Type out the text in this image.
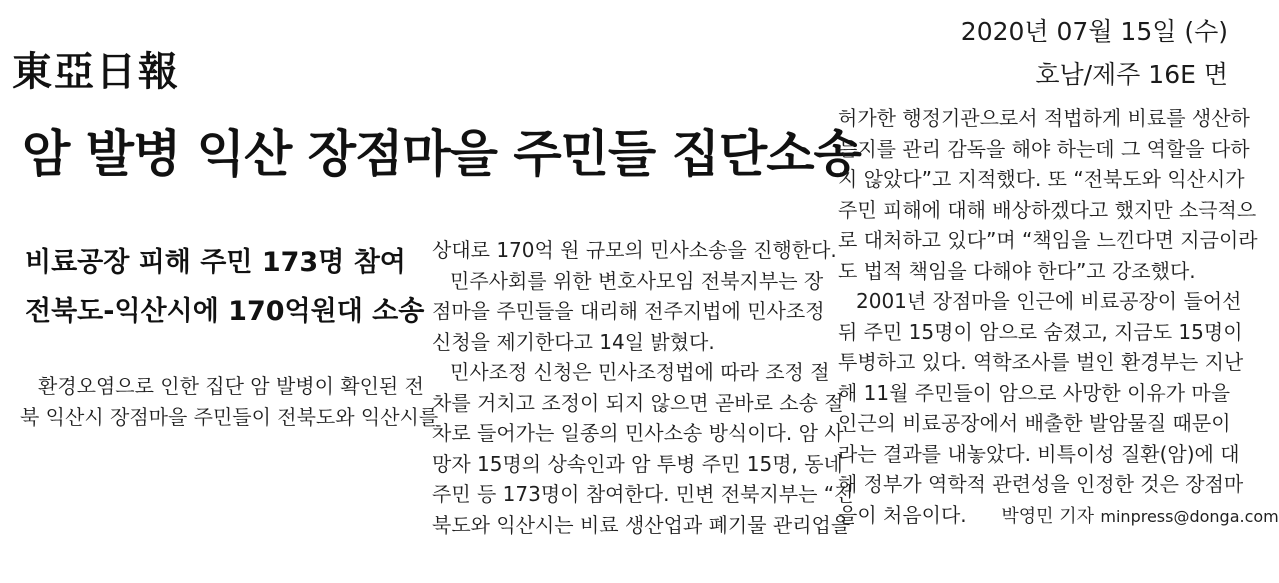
東亞日報
2020년 07월 15일 (수)
호남/제주 16E 면
암 발병 익산 장점마을 주민들 집단소송
비료공장 피해 주민 173명 참여
전북도-익산시에 170억원대 소송
환경오염으로 인한 집단 암 발병이 확인된 전
북 익산시 장점마을 주민들이 전북도와 익산시를
상대로 170억 원 규모의 민사소송을 진행한다.
민주사회를 위한 변호사모임 전북지부는 장
점마을 주민들을 대리해 전주지법에 민사조정
신청을 제기한다고 14일 밝혔다.
민사조정 신청은 민사조정법에 따라 조정 절
차를 거치고 조정이 되지 않으면 곧바로 소송 절
차로 들어가는 일종의 민사소송 방식이다. 암 사
망자 15명의 상속인과 암 투병 주민 15명, 동네
주민 등 173명이 참여한다. 민변 전북지부는 “전
북도와 익산시는 비료 생산업과 폐기물 관리업을
허가한 행정기관으로서 적법하게 비료를 생산하
는지를 관리 감독을 해야 하는데 그 역할을 다하
지 않았다”고 지적했다. 또 “전북도와 익산시가
주민 피해에 대해 배상하겠다고 했지만 소극적으
로 대처하고 있다”며 “책임을 느낀다면 지금이라
도 법적 책임을 다해야 한다”고 강조했다.
2001년 장점마을 인근에 비료공장이 들어선
뒤 주민 15명이 암으로 숨졌고, 지금도 15명이
투병하고 있다. 역학조사를 벌인 환경부는 지난
해 11월 주민들이 암으로 사망한 이유가 마을
인근의 비료공장에서 배출한 발암물질 때문이
라는 결과를 내놓았다. 비특이성 질환(암)에 대
해 정부가 역학적 관련성을 인정한 것은 장점마
을이 처음이다. 박영민 기자 minpress@donga.com
